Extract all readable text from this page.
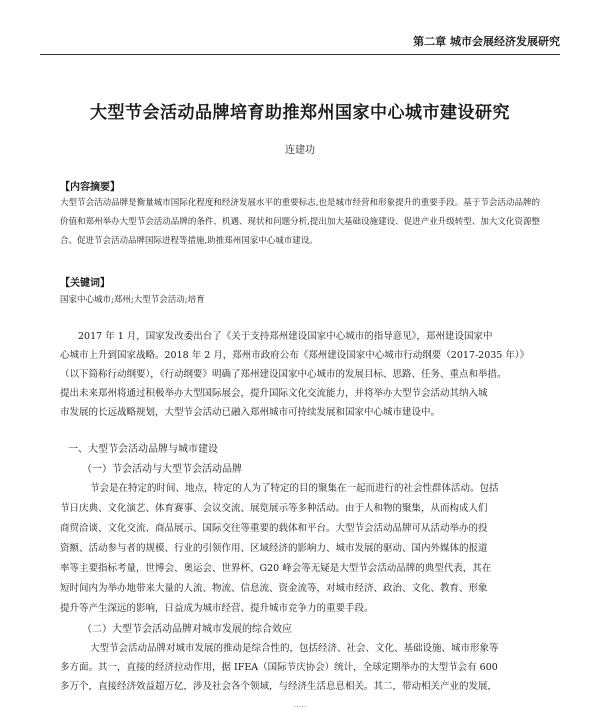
第二章 城市会展经济发展研究
大型节会活动品牌培育助推郑州国家中心城市建设研究
连建功
【内容摘要】

大型节会活动品牌是衡量城市国际化程度和经济发展水平的重要标志,也是城市经营和形象提升的重要手段。基于节会活动品牌的价值和郑州举办大型节会活动品牌的条件、机遇、现状和问题分析,提出加大基础设施建设、促进产业升级转型、加大文化资源整合、促进节会活动品牌国际进程等措施,助推郑州国家中心城市建设。

【关键词】
国家中心城市;郑州;大型节会活动;培育
2017 年 1 月，国家发改委出台了《关于支持郑州建设国家中心城市的指导意见》，郑州建设国家中
心城市上升到国家战略。2018 年 2 月，郑州市政府公布《郑州建设国家中心城市行动纲要（2017-2035 年）》
（以下简称行动纲要），《行动纲要》明确了郑州建设国家中心城市的发展目标、思路、任务、重点和举措。
提出未来郑州将通过积极举办大型国际展会，提升国际文化交流能力，并将举办大型节会活动其纳入城
市发展的长远战略规划，大型节会活动已融入郑州城市可持续发展和国家中心城市建设中。
一、大型节会活动品牌与城市建设
（一）节会活动与大型节会活动品牌
节会是在特定的时间、地点，特定的人为了特定的目的聚集在一起而进行的社会性群体活动。包括
节日庆典、文化演艺、体育赛事、会议交流、展览展示等多种活动。由于人和物的聚集，从而构成人们
商贸洽谈、文化交流、商品展示、国际交往等重要的载体和平台。大型节会活动品牌可从活动举办的投
资额、活动参与者的规模、行业的引领作用、区域经济的影响力、城市发展的驱动、国内外媒体的报道
率等主要指标考量，世博会、奥运会、世界杯、G20 峰会等无疑是大型节会活动品牌的典型代表，其在
短时间内为举办地带来大量的人流、物流、信息流、资金流等，对城市经济、政治、文化、教育、形象
提升等产生深远的影响，日益成为城市经营、提升城市竞争力的重要手段。
（二）大型节会活动品牌对城市发展的综合效应
大型节会活动品牌对城市发展的推动是综合性的，包括经济、社会、文化、基础设施、城市形象等
多方面。其一，直接的经济拉动作用，据 IFEA（国际节庆协会）统计，全球定期举办的大型节会有 600
多万个，直接经济效益超万亿，涉及社会各个领域，与经济生活息息相关。其二，带动相关产业的发展，
.....
